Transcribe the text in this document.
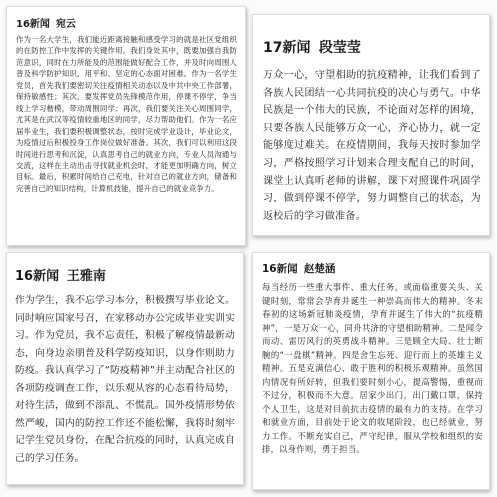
16新闻 宛云

作为一名大学生，我们能近距离接触和感受学习的就是社区党组织的在防控工作中发挥的关键作用。我们身处其中，既要加强自我防范意识，同时在力所能及的范围能做好配合工作，并及时向周围人普及科学防护知识，用平和、坚定的心态面对困难。作为一名学生党员，首先我们要密切关注疫情相关动态以及中共中央工作部署，保持敏感性；其次，要发挥党员先锋模范作用，停课不停学，争当线上学习楷模，带动周围同学；再次，我们要关注关心周围同学，尤其是在武汉等疫情较重地区的同学，尽力帮助他们。作为一名应届毕业生，我们要积极调整状态，按时完成学业设计，毕业论文，为疫情过后积极投身工作岗位做好准备。其次，我们可以利用这段时间进行思考和沉淀，认真思考自己的就业方向，专业人员沟通与交流，这样在主动出击寻找就业机会时，才能更加明确方向，树立目标。最后，积累时间给自己充电，针对自己的就业方向，储备和完善自己的知识结构，计算机技能，提升自己的就业竞争力。

17新闻 段莹莹

万众一心，守望相助的抗疫精神，让我们看到了各族人民团结一心共同抗疫的决心与勇气。中华民族是一个伟大的民族，不论面对怎样的困境，只要各族人民能够万众一心，齐心协力，就一定能够度过难关。在疫情期间，我每天按时参加学习，严格按照学习计划来合理支配自己的时间，课堂上认真听老师的讲解，课下对照课件巩固学习，做到停课不停学，努力调整自己的状态，为返校后的学习做准备。

16新闻 王雅南

作为学生，我不忘学习本分，积极撰写毕业论文。同时响应国家号召，在家移动办公完成毕业实训实习。作为党员，我不忘责任，积极了解疫情最新动态，向身边亲朋普及科学防疫知识，以身作则助力防疫。我认真学习了“防疫精神”并主动配合社区的各项防疫调查工作，以乐观从容的心态看待局势，对待生活，做到不添乱、不慌乱。国外疫情形势依然严峻，国内的防控工作还不能松懈，我将时刻牢记学生党员身份，在配合抗疫的同时，认真完成自己的学习任务。

16新闻 赵楚涵

每当经历一些重大事件、重大任务，或面临重要关头、关键时刻，常常会孕育并诞生一种崇高而伟大的精神。冬末春初的这场新冠肺炎疫情，孕育并诞生了伟大的“抗疫精神”，一是万众一心，同舟共济的守望相助精神。二是闻令而动、雷厉风行的英勇战斗精神。三是顾全大局、壮士断腕的“一盘棋”精神。四是舍生忘死、迎行而上的英雄主义精神。五是克满信心、敢于胜利的积极乐观精神。虽然国内情况有所好转，但我们要时刻小心，提高警惕，重视而不过分，积极而不大意。居家少出门，出门戴口罩，保持个人卫生，这是对目前抗击疫情的最有力的支持。在学习和就业方面，目前处于论文的收尾阶段，也已经就业，努力工作。不断充实自己，严守纪律，服从学校和组织的安排，以身作则，勇于担当。
